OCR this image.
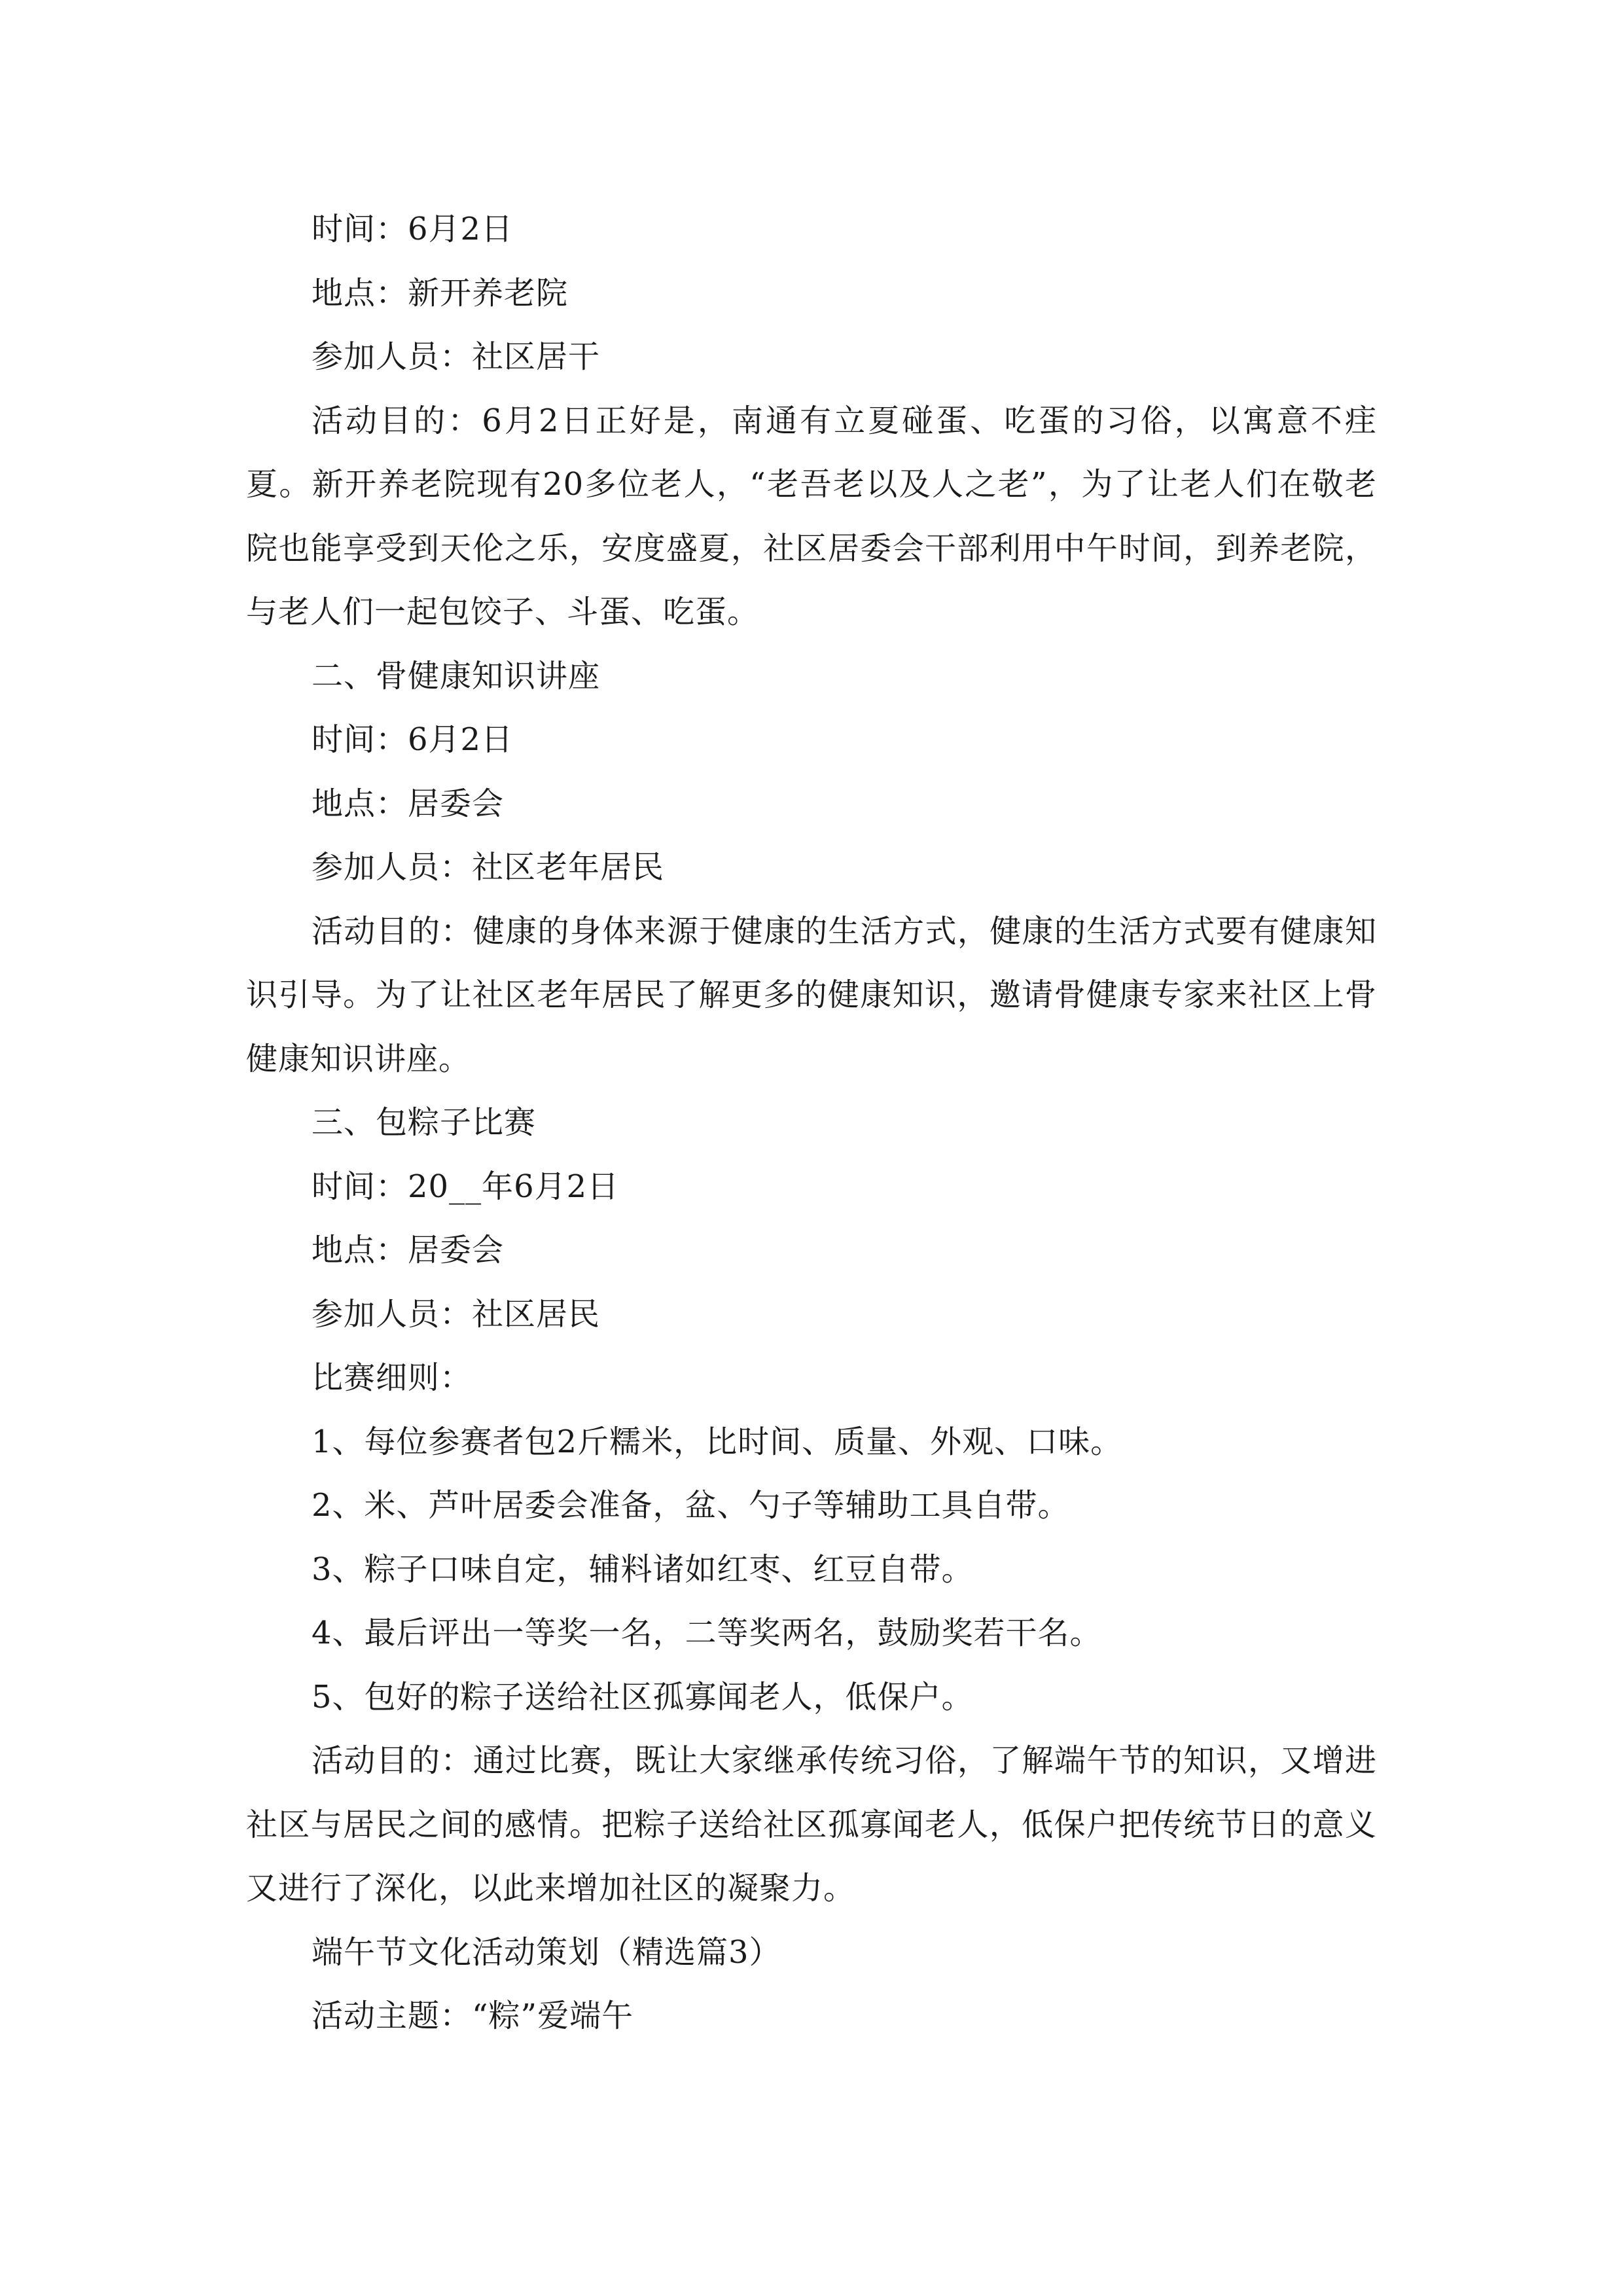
时间：6月2日

地点：新开养老院

参加人员：社区居干

活动目的：6月2日正好是，南通有立夏碰蛋、吃蛋的习俗，以寓意不疰夏。新开养老院现有20多位老人，“老吾老以及人之老”，为了让老人们在敬老院也能享受到天伦之乐，安度盛夏，社区居委会干部利用中午时间，到养老院，与老人们一起包饺子、斗蛋、吃蛋。

二、骨健康知识讲座

时间：6月2日

地点：居委会

参加人员：社区老年居民

活动目的：健康的身体来源于健康的生活方式，健康的生活方式要有健康知识引导。为了让社区老年居民了解更多的健康知识，邀请骨健康专家来社区上骨健康知识讲座。

三、包粽子比赛

时间：20__年6月2日

地点：居委会

参加人员：社区居民

比赛细则：

1、每位参赛者包2斤糯米，比时间、质量、外观、口味。

2、米、芦叶居委会准备，盆、勺子等辅助工具自带。

3、粽子口味自定，辅料诸如红枣、红豆自带。

4、最后评出一等奖一名，二等奖两名，鼓励奖若干名。

5、包好的粽子送给社区孤寡闻老人，低保户。

活动目的：通过比赛，既让大家继承传统习俗，了解端午节的知识，又增进社区与居民之间的感情。把粽子送给社区孤寡闻老人，低保户把传统节日的意义又进行了深化，以此来增加社区的凝聚力。

端午节文化活动策划（精选篇3）

活动主题：“粽”爱端午
